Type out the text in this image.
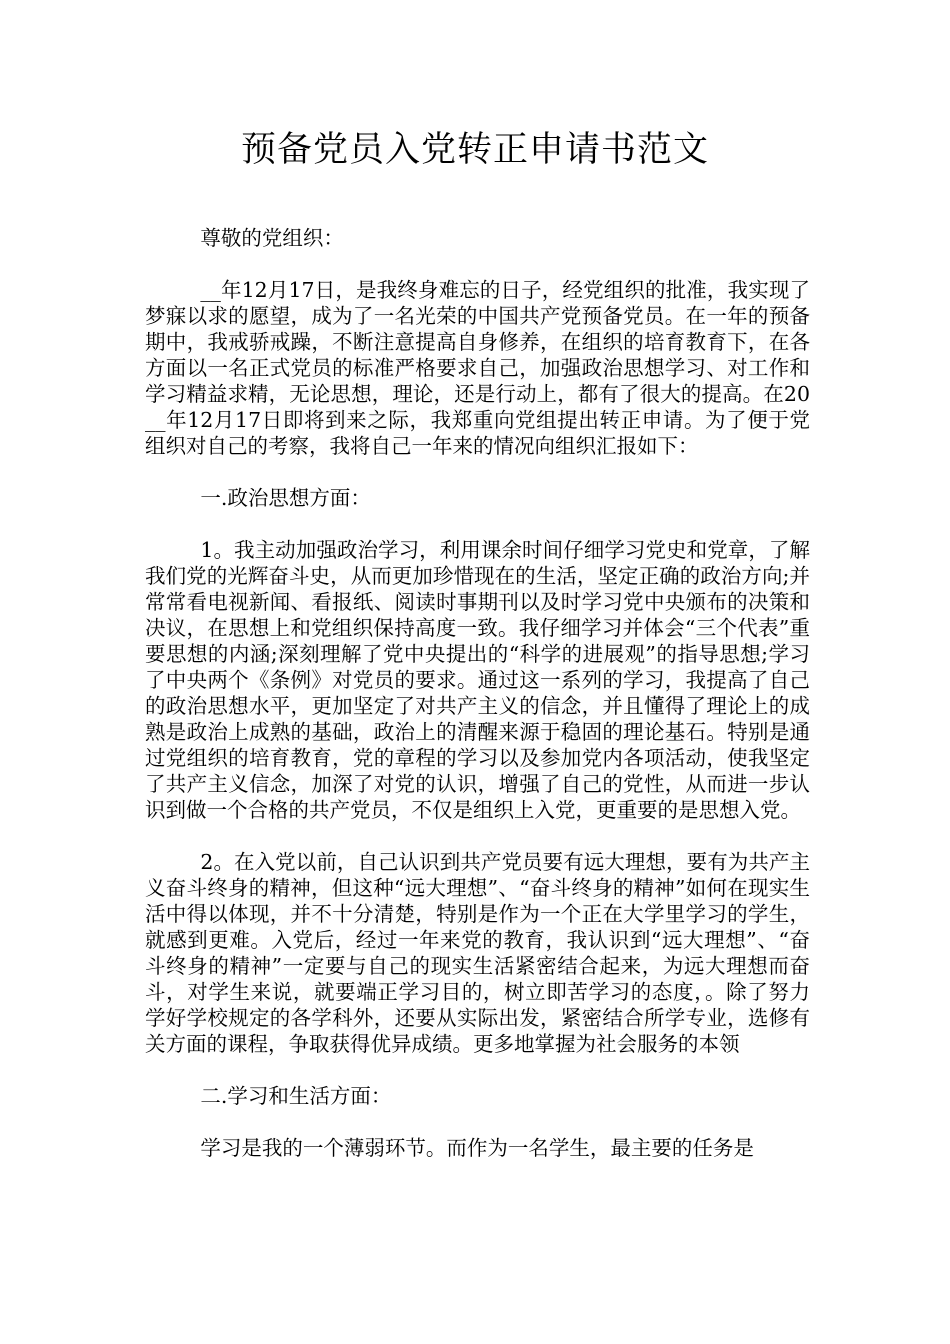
预备党员入党转正申请书范文

尊敬的党组织：

__年12月17日，是我终身难忘的日子，经党组织的批准，我实现了梦寐以求的愿望，成为了一名光荣的中国共产党预备党员。在一年的预备期中，我戒骄戒躁，不断注意提高自身修养，在组织的培育教育下，在各方面以一名正式党员的标准严格要求自己，加强政治思想学习、对工作和学习精益求精，无论思想，理论，还是行动上，都有了很大的提高。在20__年12月17日即将到来之际，我郑重向党组提出转正申请。为了便于党组织对自己的考察，我将自己一年来的情况向组织汇报如下：

一.政治思想方面：

1。我主动加强政治学习，利用课余时间仔细学习党史和党章，了解我们党的光辉奋斗史，从而更加珍惜现在的生活，坚定正确的政治方向;并常常看电视新闻、看报纸、阅读时事期刊以及时学习党中央颁布的决策和决议，在思想上和党组织保持高度一致。我仔细学习并体会“三个代表”重要思想的内涵;深刻理解了党中央提出的“科学的进展观”的指导思想;学习了中央两个《条例》对党员的要求。通过这一系列的学习，我提高了自己的政治思想水平，更加坚定了对共产主义的信念，并且懂得了理论上的成熟是政治上成熟的基础，政治上的清醒来源于稳固的理论基石。特别是通过党组织的培育教育，党的章程的学习以及参加党内各项活动，使我坚定了共产主义信念，加深了对党的认识，增强了自己的党性，从而进一步认识到做一个合格的共产党员，不仅是组织上入党，更重要的是思想入党。

2。在入党以前，自己认识到共产党员要有远大理想，要有为共产主义奋斗终身的精神，但这种“远大理想”、“奋斗终身的精神”如何在现实生活中得以体现，并不十分清楚，特别是作为一个正在大学里学习的学生，就感到更难。入党后，经过一年来党的教育，我认识到“远大理想”、“奋斗终身的精神”一定要与自己的现实生活紧密结合起来，为远大理想而奋斗，对学生来说，就要端正学习目的，树立即苦学习的态度，。除了努力学好学校规定的各学科外，还要从实际出发，紧密结合所学专业，选修有关方面的课程，争取获得优异成绩。更多地掌握为社会服务的本领

二.学习和生活方面：

学习是我的一个薄弱环节。而作为一名学生，最主要的任务是
